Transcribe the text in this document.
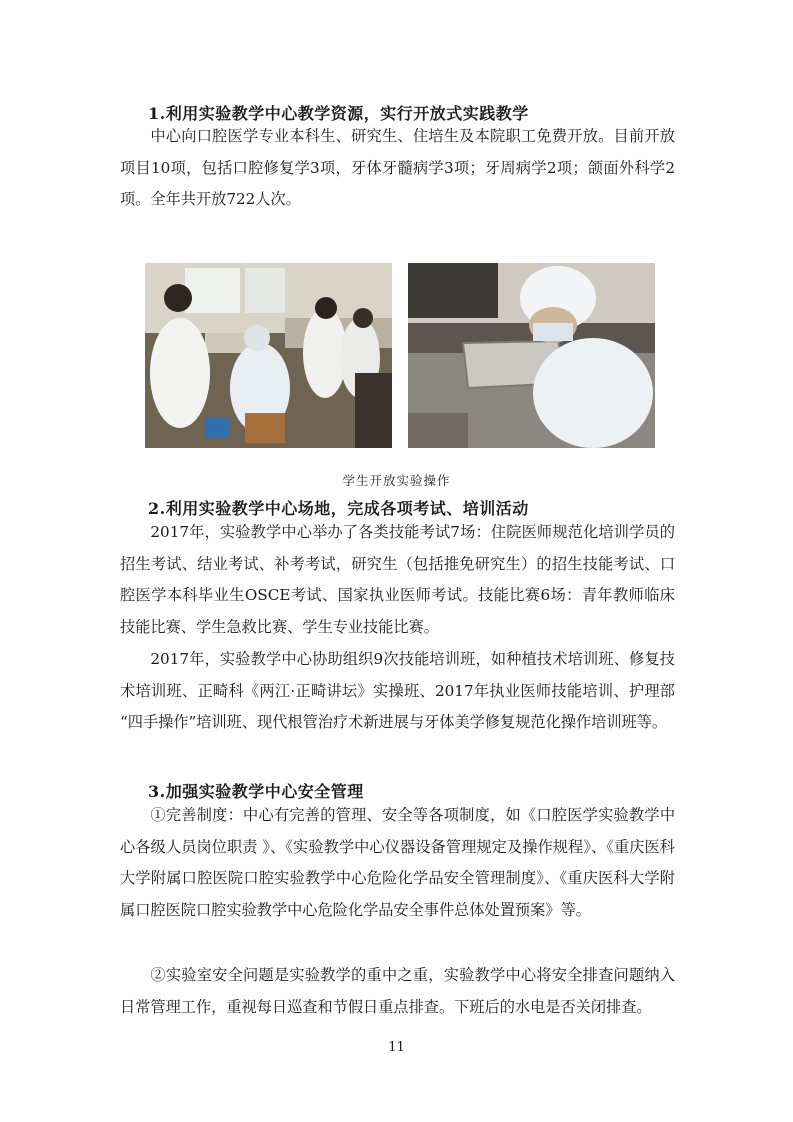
1.利用实验教学中心教学资源，实行开放式实践教学

中心向口腔医学专业本科生、研究生、住培生及本院职工免费开放。目前开放项目10项，包括口腔修复学3项，牙体牙髓病学3项；牙周病学2项；颌面外科学2项。全年共开放722人次。

学生开放实验操作
2.利用实验教学中心场地，完成各项考试、培训活动

2017年，实验教学中心举办了各类技能考试7场：住院医师规范化培训学员的招生考试、结业考试、补考考试，研究生（包括推免研究生）的招生技能考试、口腔医学本科毕业生OSCE考试、国家执业医师考试。技能比赛6场：青年教师临床技能比赛、学生急救比赛、学生专业技能比赛。

2017年，实验教学中心协助组织9次技能培训班，如种植技术培训班、修复技术培训班、正畸科《两江·正畸讲坛》实操班、2017年执业医师技能培训、护理部 “四手操作”培训班、现代根管治疗术新进展与牙体美学修复规范化操作培训班等。

3.加强实验教学中心安全管理

①完善制度：中心有完善的管理、安全等各项制度，如《口腔医学实验教学中心各级人员岗位职责 》、《实验教学中心仪器设备管理规定及操作规程》、《重庆医科大学附属口腔医院口腔实验教学中心危险化学品安全管理制度》、《重庆医科大学附属口腔医院口腔实验教学中心危险化学品安全事件总体处置预案》等。

②实验室安全问题是实验教学的重中之重，实验教学中心将安全排查问题纳入日常管理工作，重视每日巡查和节假日重点排查。下班后的水电是否关闭排查。

11
